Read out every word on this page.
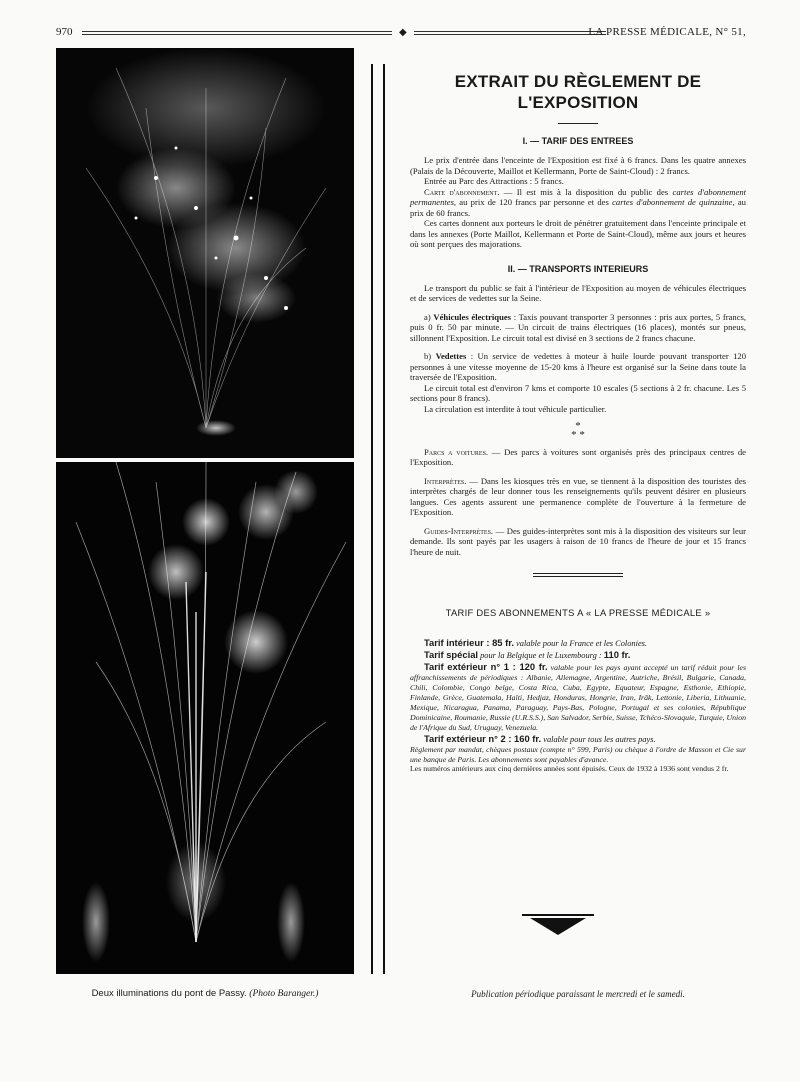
970	◆	LA PRESSE MÉDICALE, N° 51,
Deux illuminations du pont de Passy. (Photo Baranger.)
EXTRAIT DU RÈGLEMENT DE L'EXPOSITION
I. — TARIF DES ENTREES

Le prix d'entrée dans l'enceinte de l'Exposition est fixé à 6 francs. Dans les quatre annexes (Palais de la Découverte, Maillot et Kellermann, Porte de Saint-Cloud) : 2 francs.

Entrée au Parc des Attractions : 5 francs.

Carte d'abonnement. — Il est mis à la disposition du public des cartes d'abonnement permanentes, au prix de 120 francs par personne et des cartes d'abonnement de quinzaine, au prix de 60 francs.

Ces cartes donnent aux porteurs le droit de pénétrer gratuitement dans l'enceinte principale et dans les annexes (Porte Maillot, Kellermann et Porte de Saint-Cloud), même aux jours et heures où sont perçues des majorations.

II. — TRANSPORTS INTERIEURS

Le transport du public se fait à l'intérieur de l'Exposition au moyen de véhicules électriques et de services de vedettes sur la Seine.

a) Véhicules électriques : Taxis pouvant transporter 3 personnes : pris aux portes, 5 francs, puis 0 fr. 50 par minute. — Un circuit de trains électriques (16 places), montés sur pneus, sillonnent l'Exposition. Le circuit total est divisé en 3 sections de 2 francs chacune.

b) Vedettes : Un service de vedettes à moteur à huile lourde pouvant transporter 120 personnes à une vitesse moyenne de 15-20 kms à l'heure est organisé sur la Seine dans toute la traversée de l'Exposition.

Le circuit total est d'environ 7 kms et comporte 10 escales (5 sections à 2 fr. chacune. Les 5 sections pour 8 francs).

La circulation est interdite à tout véhicule particulier.

*
* *

Parcs a voitures. — Des parcs à voitures sont organisés près des principaux centres de l'Exposition.

Interprètes. — Dans les kiosques très en vue, se tiennent à la disposition des touristes des interprètes chargés de leur donner tous les renseignements qu'ils peuvent désirer en plusieurs langues. Ces agents assurent une permanence complète de l'ouverture à la fermeture de l'Exposition.

Guides-Interprètes. — Des guides-interprètes sont mis à la disposition des visiteurs sur leur demande. Ils sont payés par les usagers à raison de 10 francs de l'heure de jour et 15 francs l'heure de nuit.

TARIF DES ABONNEMENTS A « LA PRESSE MÉDICALE »

Tarif intérieur : 85 fr. valable pour la France et les Colonies.

Tarif spécial pour la Belgique et le Luxembourg : 110 fr.

Tarif extérieur n° 1 : 120 fr. valable pour les pays ayant accepté un tarif réduit pour les affranchissements de périodiques : Albanie, Allemagne, Argentine, Autriche, Brésil, Bulgarie, Canada, Chili, Colombie, Congo belge, Costa Rica, Cuba, Egypte, Equateur, Espagne, Esthonie, Ethiopie, Finlande, Grèce, Guatemala, Haïti, Hedjaz, Honduras, Hongrie, Iran, Irâk, Lettonie, Liberia, Lithuanie, Mexique, Nicaragua, Panama, Paraguay, Pays-Bas, Pologne, Portugal et ses colonies, République Dominicaine, Roumanie, Russie (U.R.S.S.), San Salvador, Serbie, Suisse, Tchéco-Slovaquie, Turquie, Union de l'Afrique du Sud, Uruguay, Venezuela.

Tarif extérieur n° 2 : 160 fr. valable pour tous les autres pays.

Règlement par mandat, chèques postaux (compte n° 599, Paris) ou chèque à l'ordre de Masson et Cie sur une banque de Paris. Les abonnements sont payables d'avance.

Les numéros antérieurs aux cinq dernières années sont épuisés. Ceux de 1932 à 1936 sont vendus 2 fr.

Publication périodique paraissant le mercredi et le samedi.
